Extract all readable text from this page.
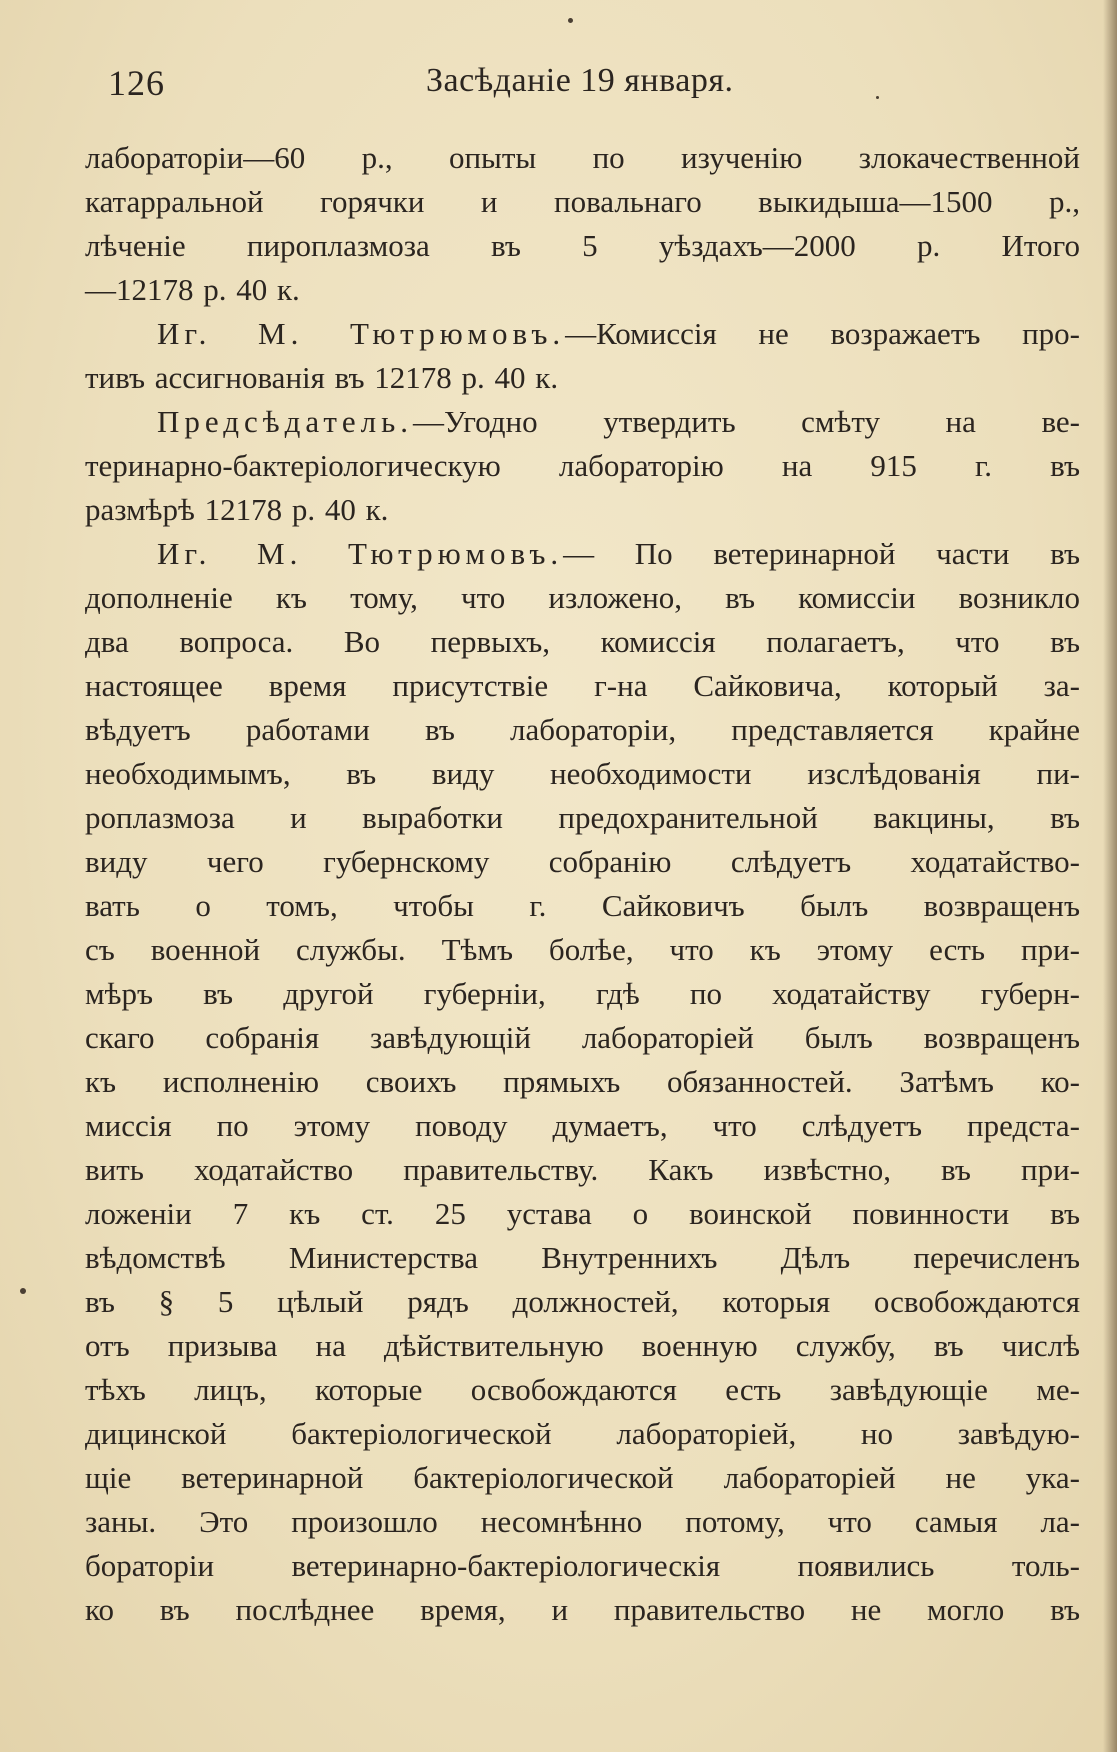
126	Засѣданіе 19 января.
лабораторіи—60 р., опыты по изученію злокачественной
катарральной горячки и повальнаго выкидыша—1500 р.,
лѣченіе пироплазмоза въ 5 уѣздахъ—2000 р. Итого
—12178 р. 40 к.
Иг. М. Тютрюмовъ.—Комиссія не возражаетъ про-
тивъ ассигнованія въ 12178 р. 40 к.
Предсѣдатель.—Угодно утвердить смѣту на ве-
теринарно-бактеріологическую лабораторію на 915 г. въ
размѣрѣ 12178 р. 40 к.
Иг. М. Тютрюмовъ.— По ветеринарной части въ
дополненіе къ тому, что изложено, въ комиссіи возникло
два вопроса. Во первыхъ, комиссія полагаетъ, что въ
настоящее время присутствіе г-на Сайковича, который за-
вѣдуетъ работами въ лабораторіи, представляется крайне
необходимымъ, въ виду необходимости изслѣдованія пи-
роплазмоза и выработки предохранительной вакцины, въ
виду чего губернскому собранію слѣдуетъ ходатайство-
вать о томъ, чтобы г. Сайковичъ былъ возвращенъ
съ военной службы. Тѣмъ болѣе, что къ этому есть при-
мѣръ въ другой губерніи, гдѣ по ходатайству губерн-
скаго собранія завѣдующій лабораторіей былъ возвращенъ
къ исполненію своихъ прямыхъ обязанностей. Затѣмъ ко-
миссія по этому поводу думаетъ, что слѣдуетъ предста-
вить ходатайство правительству. Какъ извѣстно, въ при-
ложеніи 7 къ ст. 25 устава о воинской повинности въ
вѣдомствѣ Министерства Внутреннихъ Дѣлъ перечисленъ
въ § 5 цѣлый рядъ должностей, которыя освобождаются
отъ призыва на дѣйствительную военную службу, въ числѣ
тѣхъ лицъ, которые освобождаются есть завѣдующіе ме-
дицинской бактеріологической лабораторіей, но завѣдую-
щіе ветеринарной бактеріологической лабораторіей не ука-
заны. Это произошло несомнѣнно потому, что самыя ла-
бораторіи ветеринарно-бактеріологическія появились толь-
ко въ послѣднее время, и правительство не могло въ
